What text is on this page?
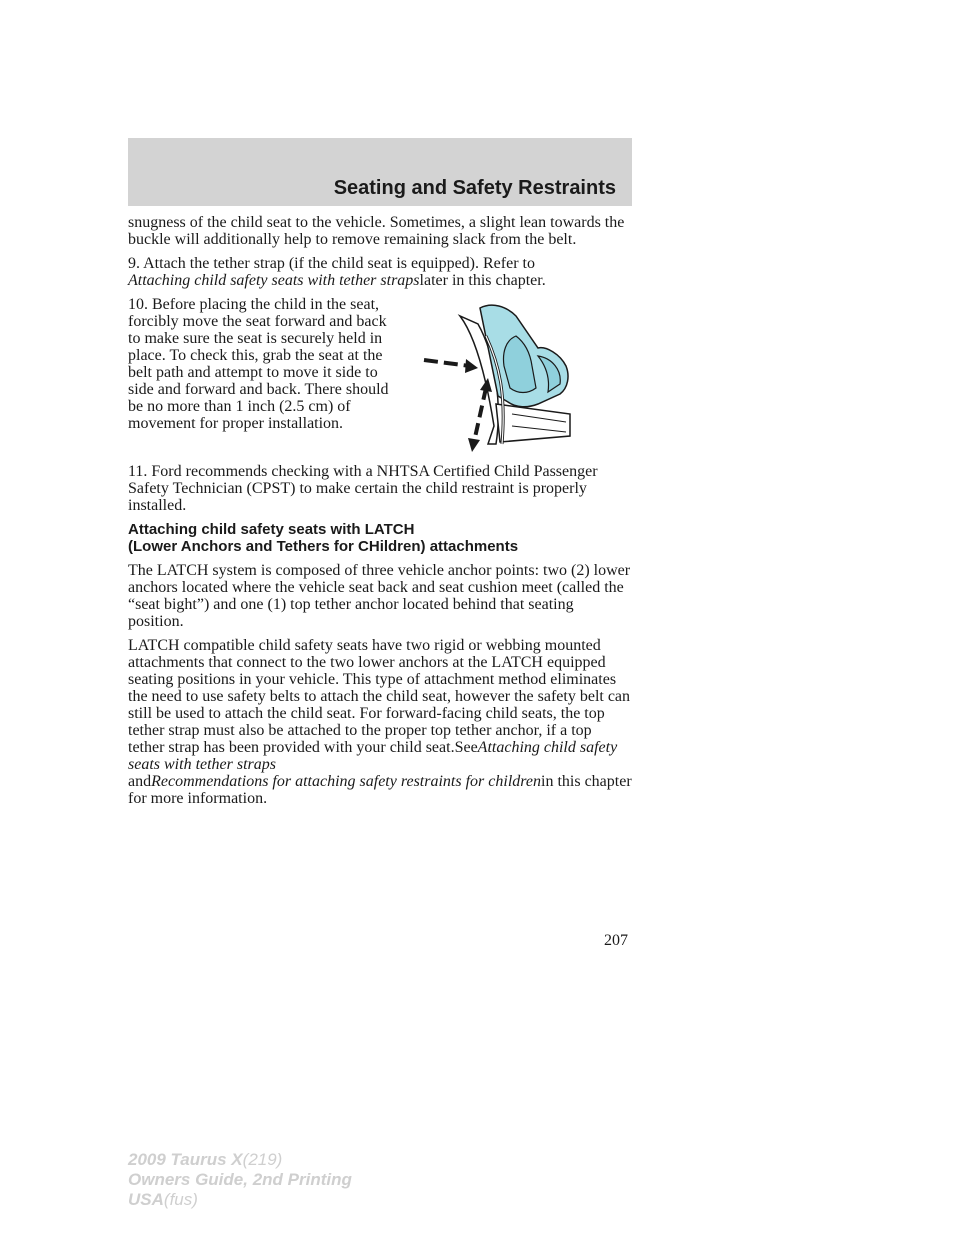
Seating and Safety Restraints

snugness of the child seat to the vehicle. Sometimes, a slight lean towards the buckle will additionally help to remove remaining slack from the belt.

9. Attach the tether strap (if the child seat is equipped). Refer to
Attaching child safety seats with tether strapslater in this chapter.

10. Before placing the child in the seat, forcibly move the seat forward and back to make sure the seat is securely held in place. To check this, grab the seat at the belt path and attempt to move it side to side and forward and back. There should be no more than 1 inch (2.5 cm) of movement for proper installation.

11. Ford recommends checking with a NHTSA Certified Child Passenger Safety Technician (CPST) to make certain the child restraint is properly installed.

Attaching child safety seats with LATCH
(Lower Anchors and Tethers for CHildren) attachments

The LATCH system is composed of three vehicle anchor points: two (2) lower anchors located where the vehicle seat back and seat cushion meet (called the “seat bight”) and one (1) top tether anchor located behind that seating position.

LATCH compatible child safety seats have two rigid or webbing mounted attachments that connect to the two lower anchors at the LATCH equipped seating positions in your vehicle. This type of attachment method eliminates the need to use safety belts to attach the child seat, however the safety belt can still be used to attach the child seat. For forward-facing child seats, the top tether strap must also be attached to the proper top tether anchor, if a top tether strap has been provided with your child seat.SeeAttaching child safety seats with tether straps
andRecommendations for attaching safety restraints for childrenin this chapter for more information.

207
2009 Taurus X(219)
Owners Guide, 2nd Printing
USA(fus)
